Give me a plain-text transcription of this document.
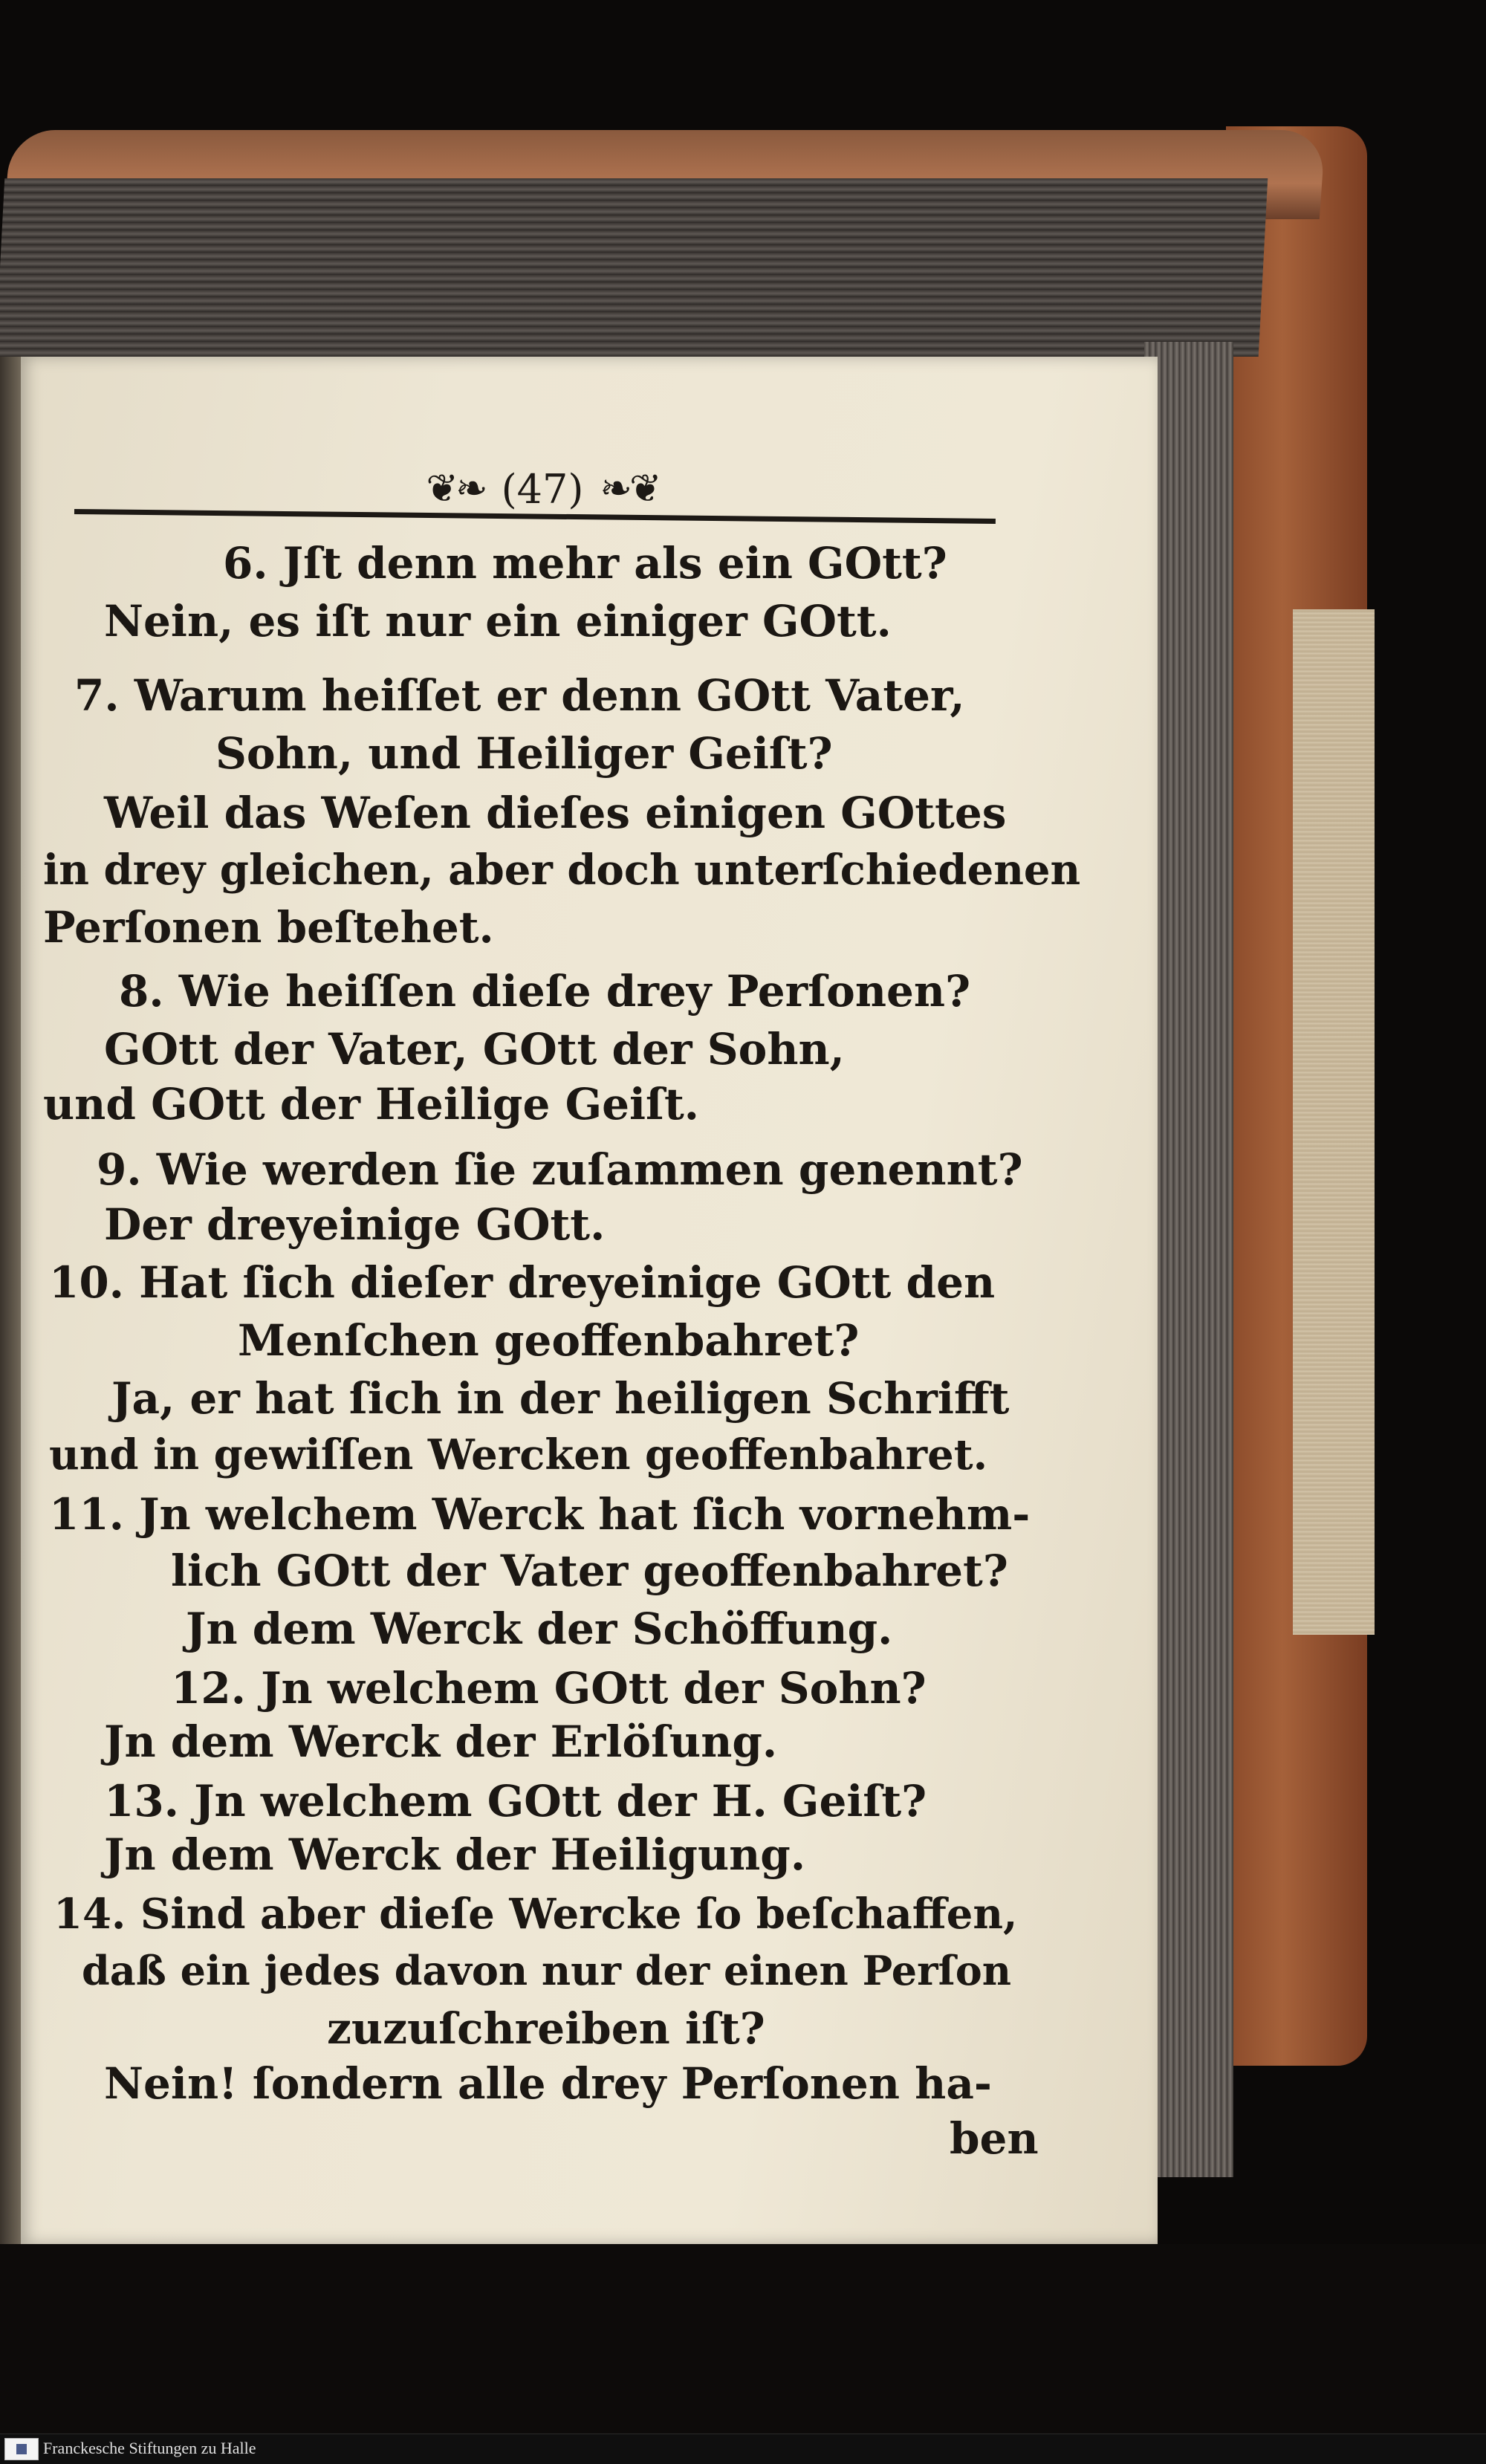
❦❧ (47) ❧❦
6. Jſt denn mehr als ein GOtt?
Nein, es iſt nur ein einiger GOtt.
7. Warum heiſſet er denn GOtt Vater,
Sohn, und Heiliger Geiſt?
Weil das Weſen dieſes einigen GOttes
in drey gleichen, aber doch unterſchiedenen
Perſonen beſtehet.
8. Wie heiſſen dieſe drey Perſonen?
GOtt der Vater, GOtt der Sohn,
und GOtt der Heilige Geiſt.
9. Wie werden ſie zuſammen genennt?
Der dreyeinige GOtt.
10. Hat ſich dieſer dreyeinige GOtt den
Menſchen geoffenbahret?
Ja, er hat ſich in der heiligen Schrifft
und in gewiſſen Wercken geoffenbahret.
11. Jn welchem Werck hat ſich vornehm-
lich GOtt der Vater geoffenbahret?
Jn dem Werck der Schöffung.
12. Jn welchem GOtt der Sohn?
Jn dem Werck der Erlöſung.
13. Jn welchem GOtt der H. Geiſt?
Jn dem Werck der Heiligung.
14. Sind aber dieſe Wercke ſo beſchaffen,
daß ein jedes davon nur der einen Perſon
zuzuſchreiben iſt?
Nein! ſondern alle drey Perſonen ha-
ben
Franckesche Stiftungen zu Halle
